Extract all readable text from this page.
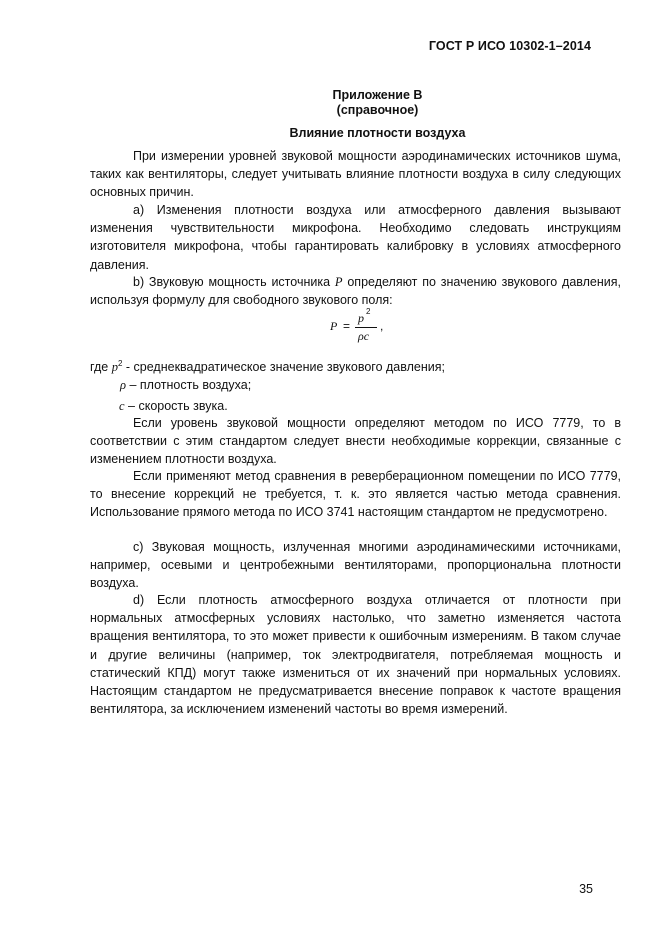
ГОСТ Р ИСО 10302-1–2014
Приложение В
(справочное)
Влияние плотности воздуха
При измерении уровней звуковой мощности аэродинамических источников шума, таких как вентиляторы, следует учитывать влияние плотности воздуха в силу следующих основных причин.
a) Изменения плотности воздуха или атмосферного давления вызывают изменения чувствительности микрофона. Необходимо следовать инструкциям изготовителя микрофона, чтобы гарантировать калибровку в условиях атмосферного давления.
b) Звуковую мощность источника P определяют по значению звукового давления, используя формулу для свободного звукового поля:
P =
p 2
ρc
,
где $p^2$ - среднеквадратическое значение звукового давления;
ρ – плотность воздуха;
c – скорость звука.
Если уровень звуковой мощности определяют методом по ИСО 7779, то в соответствии с этим стандартом следует внести необходимые коррекции, связанные с изменением плотности воздуха.
Если применяют метод сравнения в реверберационном помещении по ИСО 7779, то внесение коррекций не требуется, т. к. это является частью метода сравнения. Использование прямого метода по ИСО 3741 настоящим стандартом не предусмотрено.
c) Звуковая мощность, излученная многими аэродинамическими источниками, например, осевыми и центробежными вентиляторами, пропорциональна плотности воздуха.
d) Если плотность атмосферного воздуха отличается от плотности при нормальных атмосферных условиях настолько, что заметно изменяется частота вращения вентилятора, то это может привести к ошибочным измерениям. В таком случае и другие величины (например, ток электродвигателя, потребляемая мощность и статический КПД) могут также измениться от их значений при нормальных условиях. Настоящим стандартом не предусматривается внесение поправок к частоте вращения вентилятора, за исключением изменений частоты во время измерений.
35
